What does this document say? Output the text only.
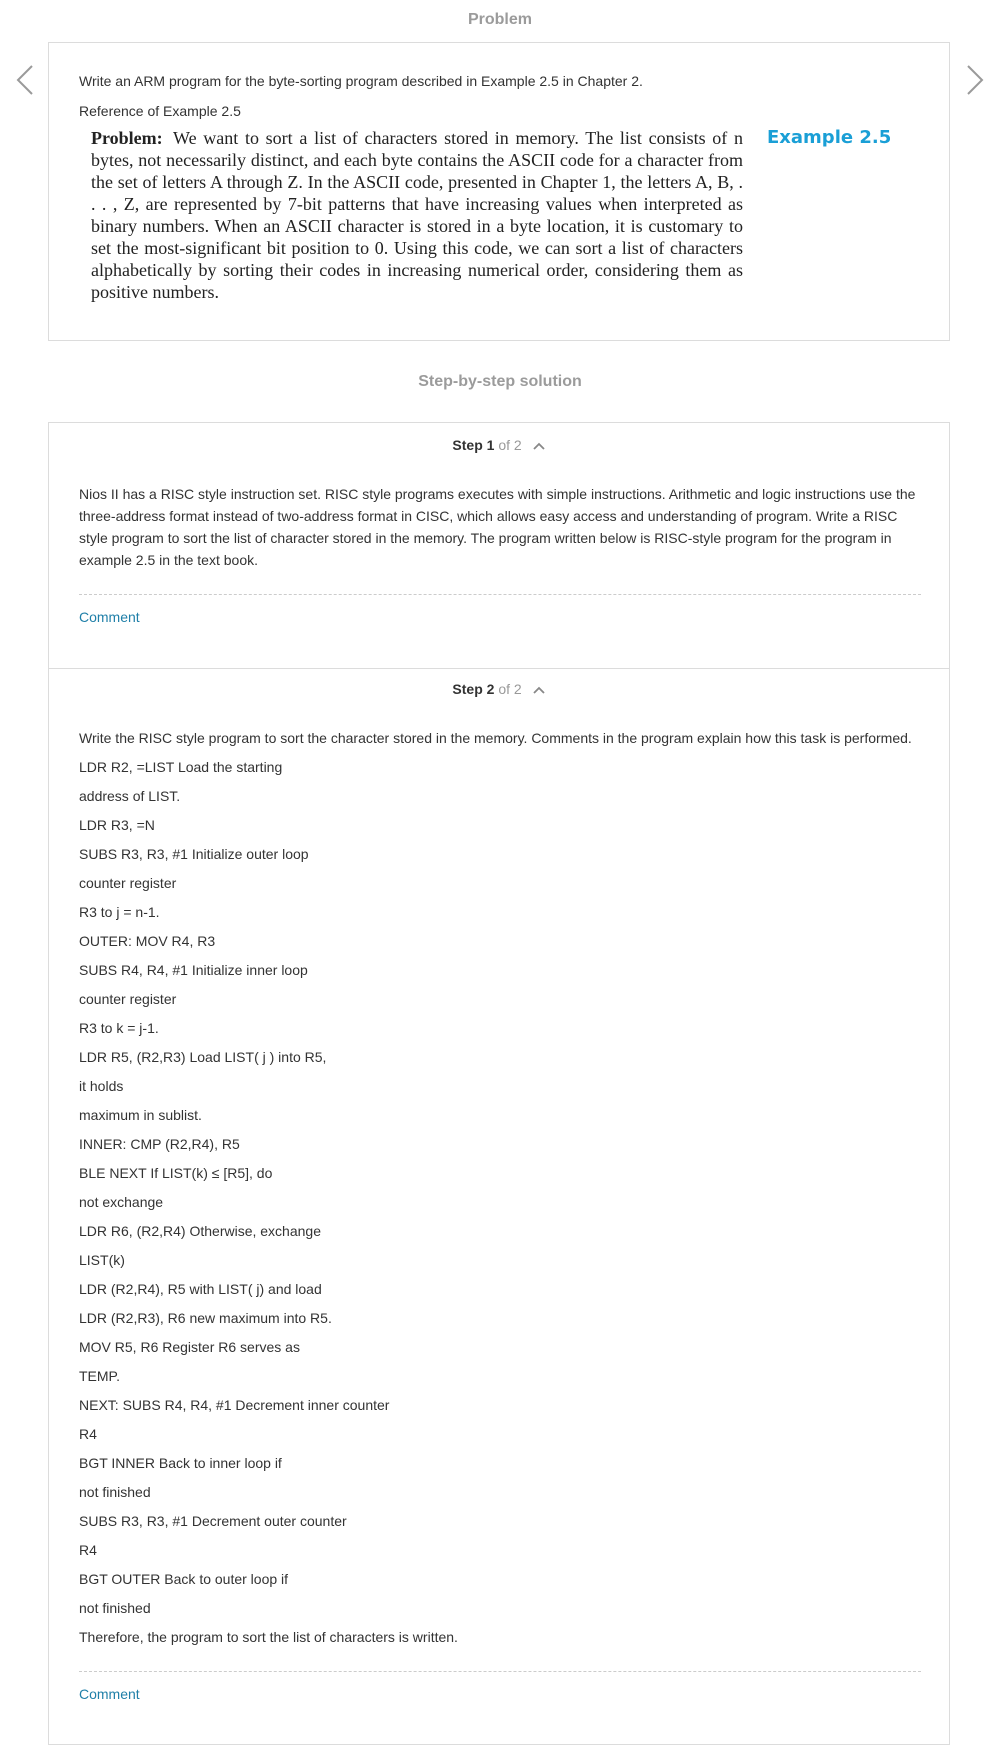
Problem
Write an ARM program for the byte-sorting program described in Example 2.5 in Chapter 2.
Reference of Example 2.5
Problem: We want to sort a list of characters stored in memory. The list consists of n bytes, not necessarily distinct, and each byte contains the ASCII code for a character from the set of letters A through Z. In the ASCII code, presented in Chapter 1, the letters A, B, . . . , Z, are represented by 7-bit patterns that have increasing values when interpreted as binary numbers. When an ASCII character is stored in a byte location, it is customary to set the most-significant bit position to 0. Using this code, we can sort a list of characters alphabetically by sorting their codes in increasing numerical order, considering them as positive numbers.
Example 2.5
Step-by-step solution
Step 1 of 2
Nios II has a RISC style instruction set. RISC style programs executes with simple instructions. Arithmetic and logic instructions use the three-address format instead of two-address format in CISC, which allows easy access and understanding of program. Write a RISC style program to sort the list of character stored in the memory. The program written below is RISC-style program for the program in example 2.5 in the text book.
Comment
Step 2 of 2
Write the RISC style program to sort the character stored in the memory. Comments in the program explain how this task is performed.
LDR R2, =LIST Load the starting
address of LIST.
LDR R3, =N
SUBS R3, R3, #1 Initialize outer loop
counter register
R3 to j = n-1.
OUTER: MOV R4, R3
SUBS R4, R4, #1 Initialize inner loop
counter register
R3 to k = j-1.
LDR R5, (R2,R3) Load LIST( j ) into R5,
it holds
maximum in sublist.
INNER: CMP (R2,R4), R5
BLE NEXT If LIST(k) ≤ [R5], do
not exchange
LDR R6, (R2,R4) Otherwise, exchange
LIST(k)
LDR (R2,R4), R5 with LIST( j) and load
LDR (R2,R3), R6 new maximum into R5.
MOV R5, R6 Register R6 serves as
TEMP.
NEXT: SUBS R4, R4, #1 Decrement inner counter
R4
BGT INNER Back to inner loop if
not finished
SUBS R3, R3, #1 Decrement outer counter
R4
BGT OUTER Back to outer loop if
not finished
Therefore, the program to sort the list of characters is written.
Comment
